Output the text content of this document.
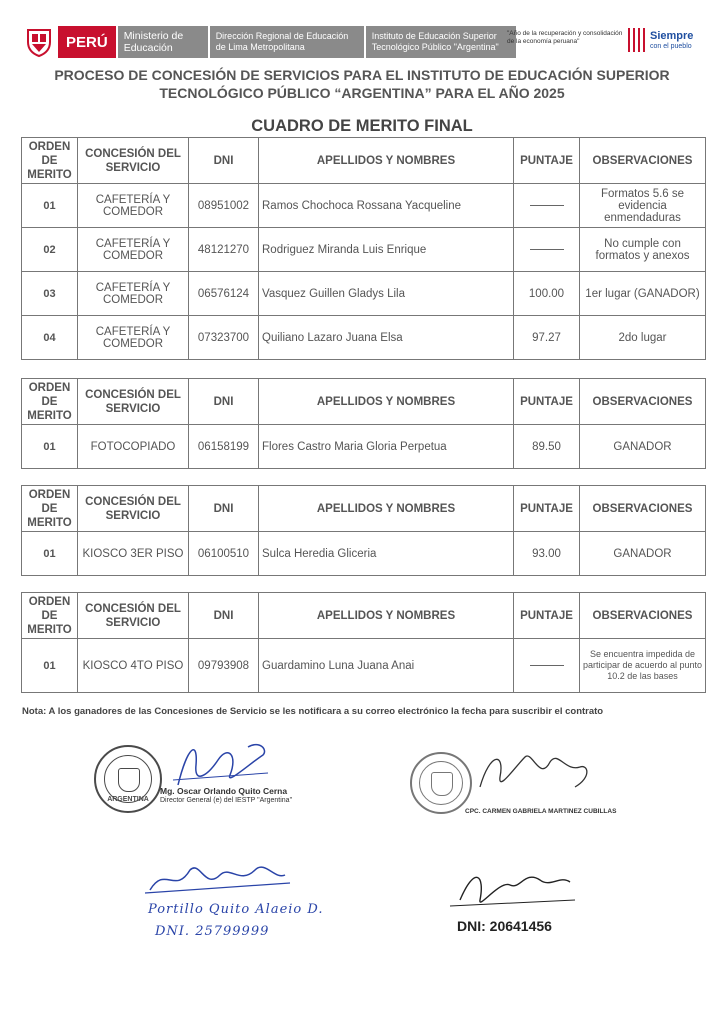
PERÚ	Ministerio de Educación
Dirección Regional de Educación de Lima Metropolitana
Instituto de Educación Superior Tecnológico Público "Argentina"
"Año de la recuperación y consolidación de la economía peruana"	Siempre
con el pueblo
PROCESO DE CONCESIÓN DE SERVICIOS PARA EL INSTITUTO DE EDUCACIÓN SUPERIOR TECNOLÓGICO PÚBLICO “ARGENTINA” PARA EL AÑO 2025
CUADRO DE MERITO FINAL
ORDEN DE MERITO	CONCESIÓN DEL SERVICIO	DNI	APELLIDOS Y NOMBRES	PUNTAJE	OBSERVACIONES
01	CAFETERÍA Y COMEDOR	08951002	Ramos Chochoca Rossana Yacqueline		Formatos 5.6 se evidencia enmendaduras
02	CAFETERÍA Y COMEDOR	48121270	Rodriguez Miranda Luis Enrique		No cumple con formatos y anexos
03	CAFETERÍA Y COMEDOR	06576124	Vasquez Guillen Gladys Lila	100.00	1er lugar (GANADOR)
04	CAFETERÍA Y COMEDOR	07323700	Quiliano Lazaro Juana Elsa	97.27	2do lugar
ORDEN DE MERITO	CONCESIÓN DEL SERVICIO	DNI	APELLIDOS Y NOMBRES	PUNTAJE	OBSERVACIONES
01	FOTOCOPIADO	06158199	Flores Castro Maria Gloria Perpetua	89.50	GANADOR
ORDEN DE MERITO	CONCESIÓN DEL SERVICIO	DNI	APELLIDOS Y NOMBRES	PUNTAJE	OBSERVACIONES
01	KIOSCO 3ER PISO	06100510	Sulca Heredia Gliceria	93.00	GANADOR
ORDEN DE MERITO	CONCESIÓN DEL SERVICIO	DNI	APELLIDOS Y NOMBRES	PUNTAJE	OBSERVACIONES
01	KIOSCO 4TO PISO	09793908	Guardamino Luna Juana Anai		Se encuentra impedida de participar de acuerdo al punto 10.2 de las bases
Nota: A los ganadores de las Concesiones de Servicio se les notificara a su correo electrónico la fecha para suscribir el contrato
ARGENTINA
Mg. Oscar Orlando Quito Cerna
Director General (e) del IESTP "Argentina"
CPC. CARMEN GABRIELA MARTINEZ CUBILLAS
Portillo Quito Alaeio D.
DNI. 25799999	DNI: 20641456
